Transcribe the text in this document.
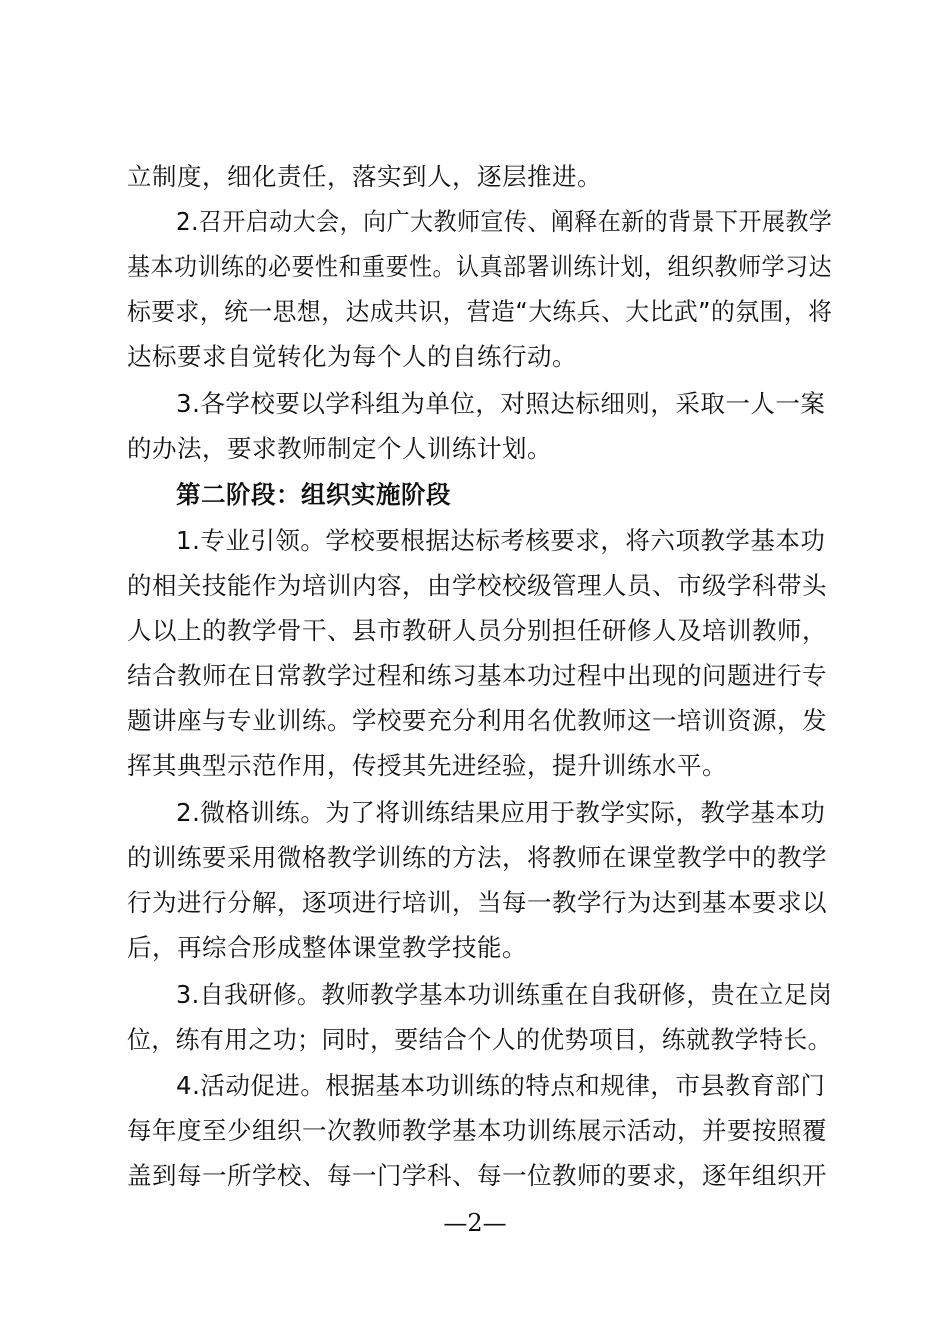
立制度，细化责任，落实到人，逐层推进。
2.召开启动大会，向广大教师宣传、阐释在新的背景下开展教学
基本功训练的必要性和重要性。认真部署训练计划，组织教师学习达
标要求，统一思想，达成共识，营造“大练兵、大比武”的氛围，将
达标要求自觉转化为每个人的自练行动。
3.各学校要以学科组为单位，对照达标细则，采取一人一案
的办法，要求教师制定个人训练计划。
第二阶段：组织实施阶段
1.专业引领。学校要根据达标考核要求，将六项教学基本功
的相关技能作为培训内容，由学校校级管理人员、市级学科带头
人以上的教学骨干、县市教研人员分别担任研修人及培训教师，
结合教师在日常教学过程和练习基本功过程中出现的问题进行专
题讲座与专业训练。学校要充分利用名优教师这一培训资源，发
挥其典型示范作用，传授其先进经验，提升训练水平。
2.微格训练。为了将训练结果应用于教学实际，教学基本功
的训练要采用微格教学训练的方法，将教师在课堂教学中的教学
行为进行分解，逐项进行培训，当每一教学行为达到基本要求以
后，再综合形成整体课堂教学技能。
3.自我研修。教师教学基本功训练重在自我研修，贵在立足岗
位，练有用之功；同时，要结合个人的优势项目，练就教学特长。
4.活动促进。根据基本功训练的特点和规律，市县教育部门
每年度至少组织一次教师教学基本功训练展示活动，并要按照覆
盖到每一所学校、每一门学科、每一位教师的要求，逐年组织开
—2—
